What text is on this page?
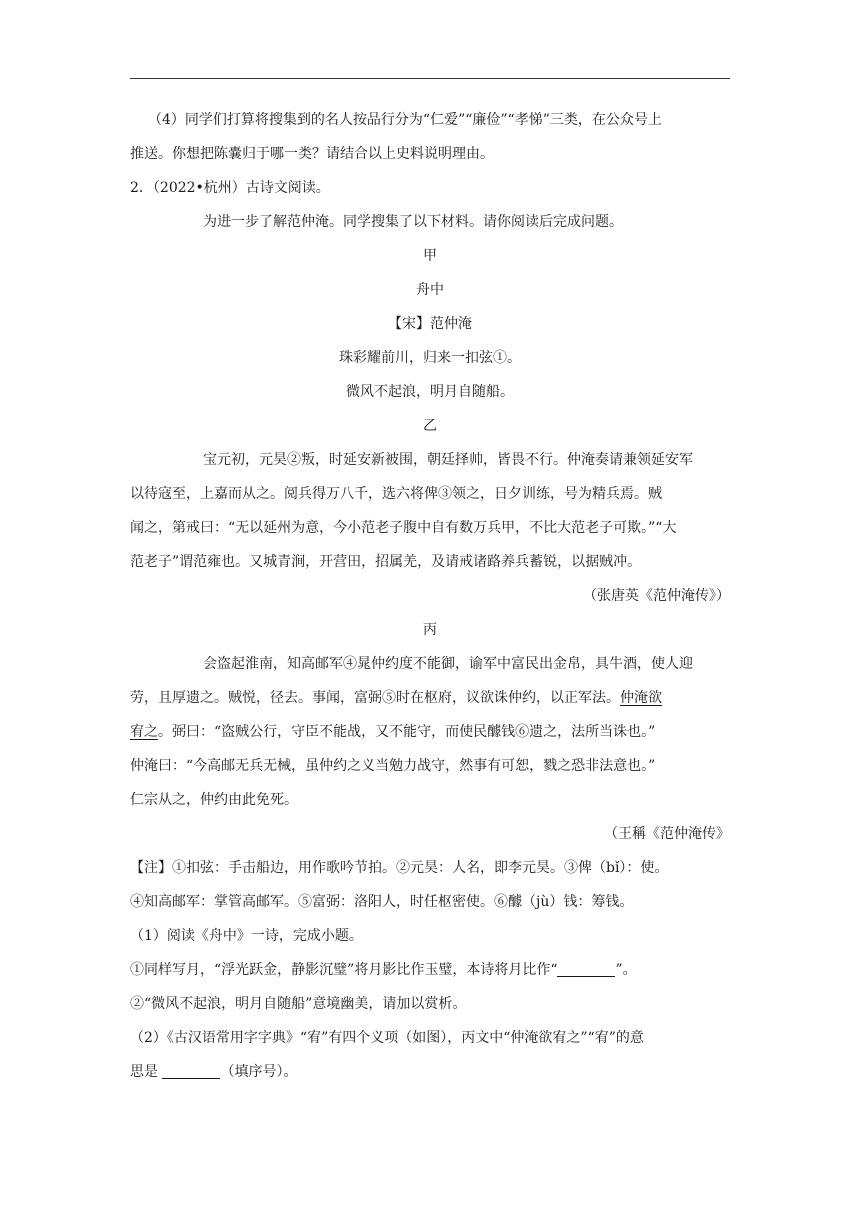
（4）同学们打算将搜集到的名人按品行分为“仁爱”“廉俭”“孝悌”三类，在公众号上
推送。你想把陈嚢归于哪一类？请结合以上史料说明理由。
2．（2022•杭州）古诗文阅读。
为进一步了解范仲淹。同学搜集了以下材料。请你阅读后完成问题。
甲
舟中
【宋】范仲淹
珠彩耀前川，归来一扣弦①。
微风不起浪，明月自随船。
乙
宝元初，元昊②叛，时延安新被围，朝廷择帅，皆畏不行。仲淹奏请兼领延安军
以待寇至，上嘉而从之。阅兵得万八千，选六将俾③领之，日夕训练，号为精兵焉。贼
闻之，第戒曰：“无以延州为意，今小范老子腹中自有数万兵甲，不比大范老子可欺。”“大
范老子”谓范雍也。又城青涧，开营田，招属羌，及请戒诸路养兵蓄锐，以据贼冲。
（张唐英《范仲淹传》）
丙
会盗起淮南，知高邮军④晁仲约度不能御，谕军中富民出金帛，具牛酒，使人迎
劳，且厚遗之。贼悦，径去。事闻，富弼⑤时在枢府，议欲诛仲约，以正军法。仲淹欲
宥之。弼曰：“盗贼公行，守臣不能战，又不能守，而使民醵钱⑥遗之，法所当诛也。”
仲淹曰：“今高邮无兵无械，虽仲约之义当勉力战守，然事有可恕，戮之恐非法意也。”
仁宗从之，仲约由此免死。
（王稱《范仲淹传》
【注】①扣弦：手击船边，用作歌吟节拍。②元昊：人名，即李元昊。③俾（bǐ）：使。
④知高邮军：掌管高邮军。⑤富弼：洛阳人，时任枢密使。⑥醵（jù）钱：筹钱。
（1）阅读《舟中》一诗，完成小题。
①同样写月，“浮光跃金，静影沉璧”将月影比作玉璧，本诗将月比作“	”。
②“微风不起浪，明月自随船”意境幽美，请加以赏析。
（2）《古汉语常用字字典》“宥”有四个义项（如图），丙文中“仲淹欲宥之”“宥”的意
思是	（填序号）。
